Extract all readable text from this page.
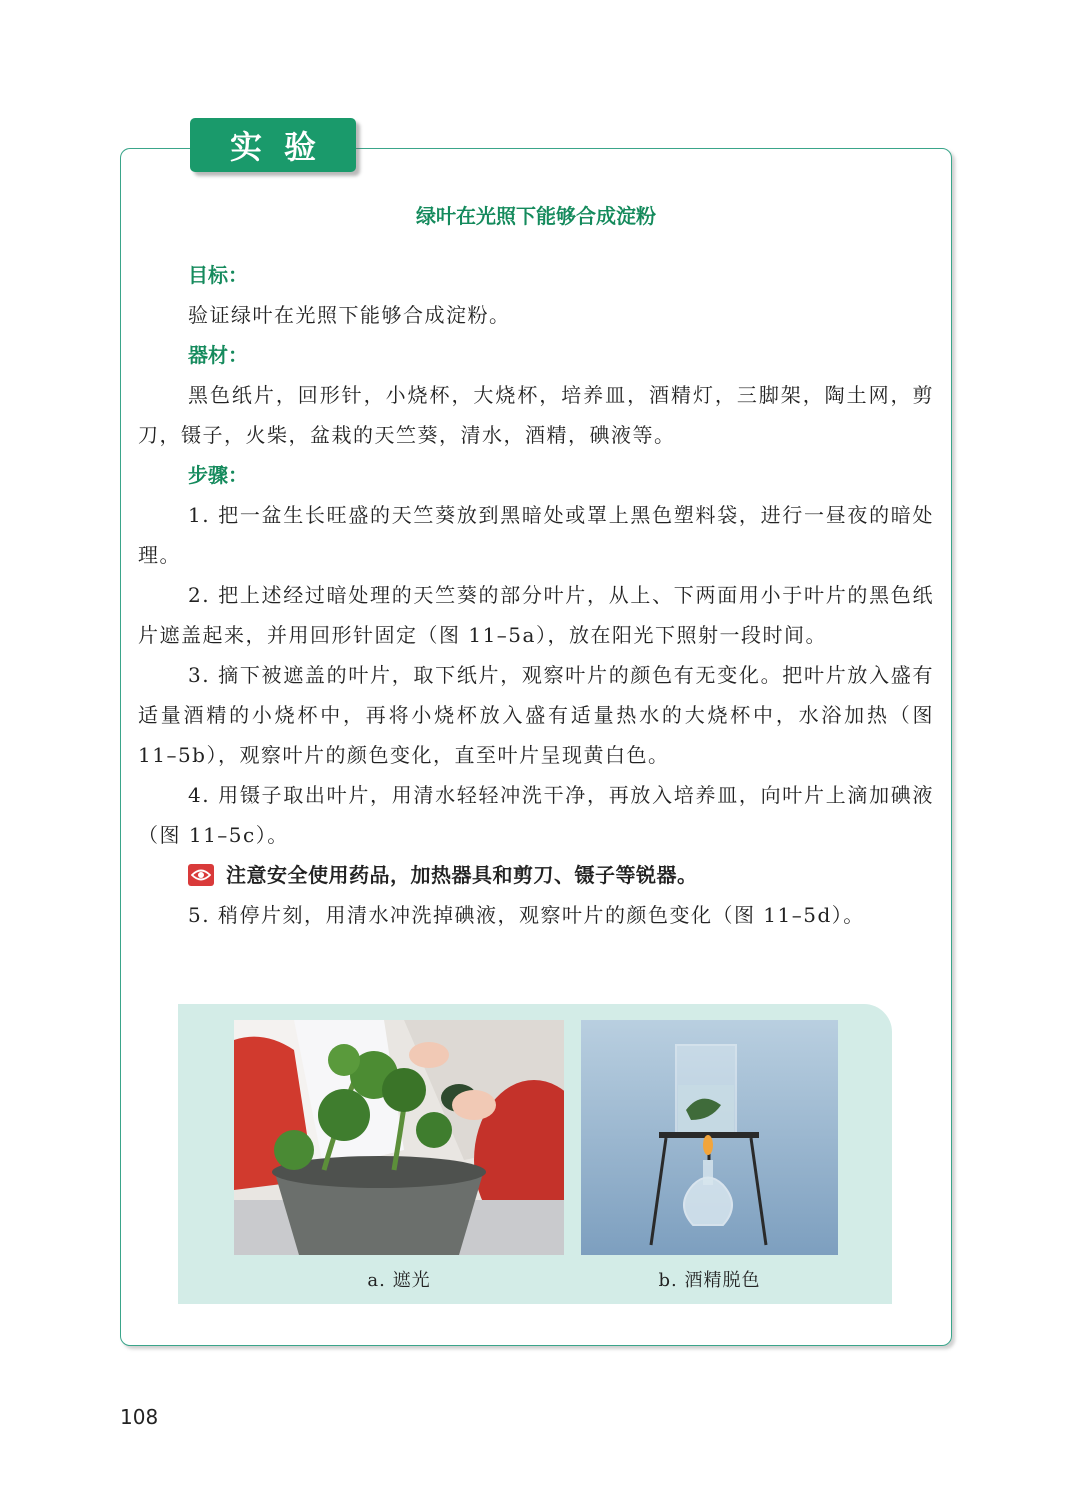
实验
绿叶在光照下能够合成淀粉

目标：

验证绿叶在光照下能够合成淀粉。

器材：

黑色纸片，回形针，小烧杯，大烧杯，培养皿，酒精灯，三脚架，陶土网，剪刀，镊子，火柴，盆栽的天竺葵，清水，酒精，碘液等。

步骤：

1. 把一盆生长旺盛的天竺葵放到黑暗处或罩上黑色塑料袋，进行一昼夜的暗处理。

2. 把上述经过暗处理的天竺葵的部分叶片，从上、下两面用小于叶片的黑色纸片遮盖起来，并用回形针固定（图 11–5a），放在阳光下照射一段时间。

3. 摘下被遮盖的叶片，取下纸片，观察叶片的颜色有无变化。把叶片放入盛有适量酒精的小烧杯中，再将小烧杯放入盛有适量热水的大烧杯中，水浴加热（图 11–5b），观察叶片的颜色变化，直至叶片呈现黄白色。

4. 用镊子取出叶片，用清水轻轻冲洗干净，再放入培养皿，向叶片上滴加碘液（图 11–5c）。

注意安全使用药品，加热器具和剪刀、镊子等锐器。

5. 稍停片刻，用清水冲洗掉碘液，观察叶片的颜色变化（图 11–5d）。

a. 遮光	b. 酒精脱色
108
